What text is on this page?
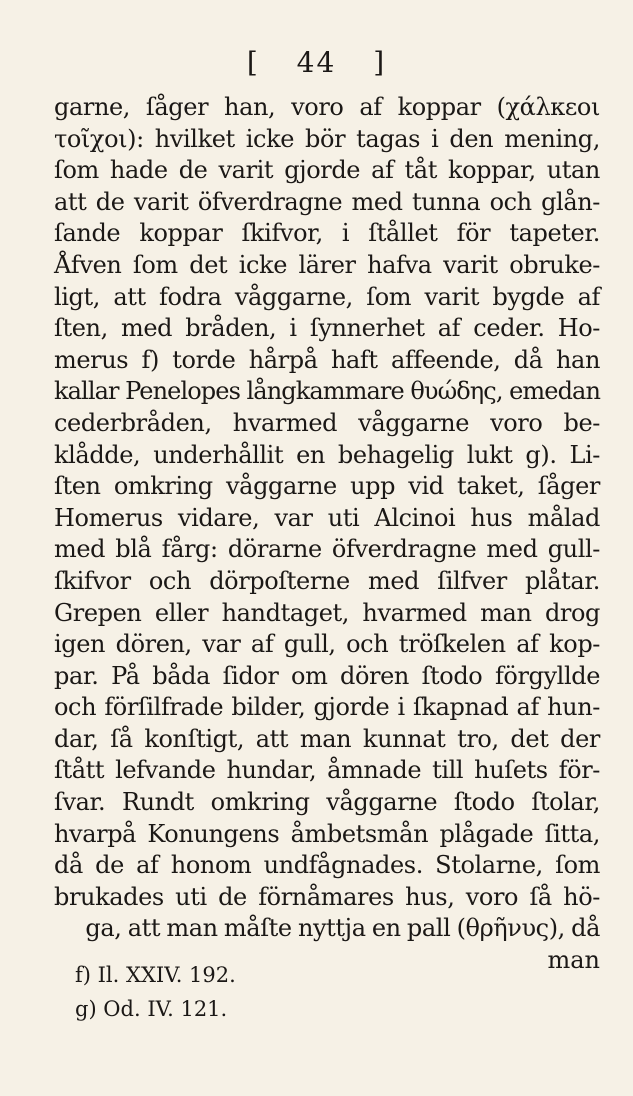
[ 44 ]
garne, ſåger han, voro af koppar (χάλκεοι
τοῖχοι): hvilket icke bör tagas i den mening,
ſom hade de varit gjorde af tåt koppar, utan
att de varit öfverdragne med tunna och glån-
ſande koppar ſkifvor, i ſtållet för tapeter.
Åfven ſom det icke lärer hafva varit obruke-
ligt, att fodra våggarne, ſom varit bygde af
ſten, med bråden, i ſynnerhet af ceder. Ho-
merus f) torde hårpå haft affeende, då han
kallar Penelopes långkammare θυώδης, emedan
cederbråden, hvarmed våggarne voro be-
klådde, underhållit en behagelig lukt g). Li-
ſten omkring våggarne upp vid taket, ſåger
Homerus vidare, var uti Alcinoi hus målad
med blå fårg: dörarne öfverdragne med gull-
ſkifvor och dörpoſterne med ſilfver plåtar.
Grepen eller handtaget, hvarmed man drog
igen dören, var af gull, och tröſkelen af kop-
par. På båda ſidor om dören ſtodo förgyllde
och förſilfrade bilder, gjorde i ſkapnad af hun-
dar, ſå konſtigt, att man kunnat tro, det der
ſtått lefvande hundar, åmnade till huſets för-
ſvar. Rundt omkring våggarne ſtodo ſtolar,
hvarpå Konungens åmbetsmån plågade ſitta,
då de af honom undfågnades. Stolarne, ſom
brukades uti de förnåmares hus, voro ſå hö-
ga, att man måſte nyttja en pall (θρῆνυς), då
man
f) Il. XXIV. 192.
g) Od. IV. 121.
